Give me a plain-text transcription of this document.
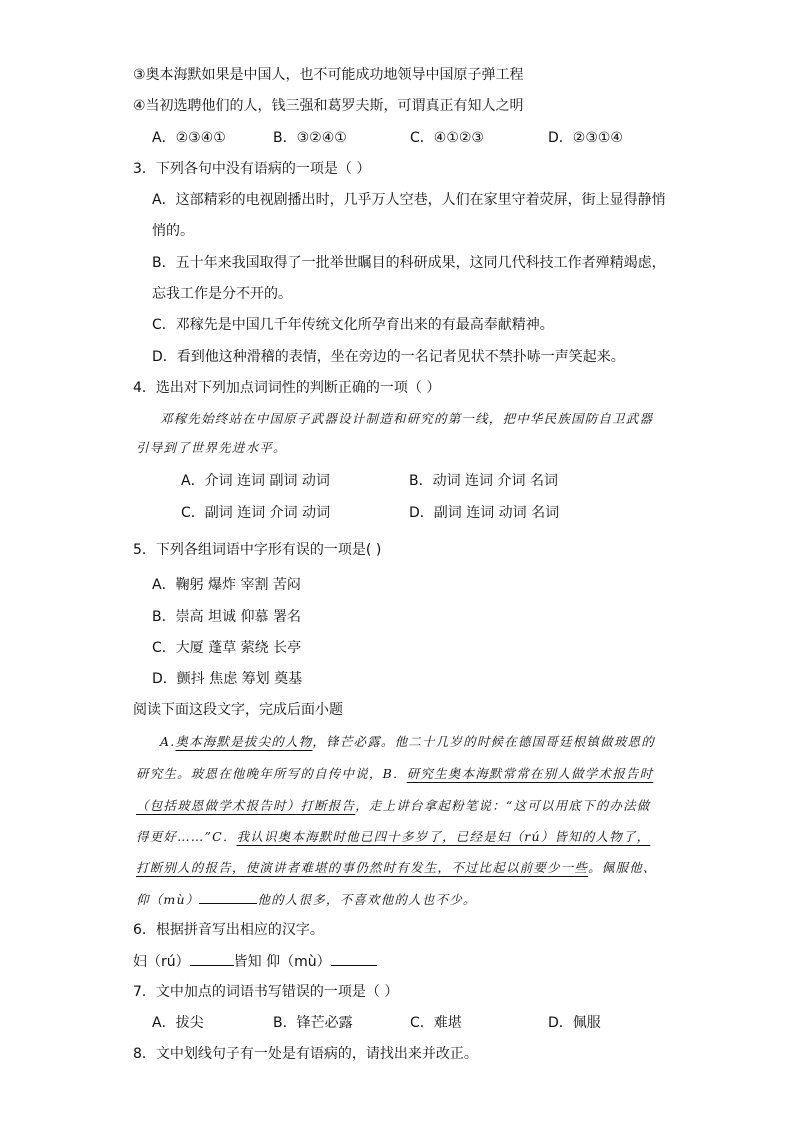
③奥本海默如果是中国人，也不可能成功地领导中国原子弹工程
④当初选聘他们的人，钱三强和葛罗夫斯，可谓真正有知人之明
A．②③④①	B．③②④①	C．④①②③	D．②③①④
3．下列各句中没有语病的一项是（ ）
A．这部精彩的电视剧播出时，几乎万人空巷，人们在家里守着荧屏，街上显得静悄
悄的。
B．五十年来我国取得了一批举世瞩目的科研成果，这同几代科技工作者殚精竭虑，
忘我工作是分不开的。
C．邓稼先是中国几千年传统文化所孕育出来的有最高奉献精神。
D．看到他这种滑稽的表情，坐在旁边的一名记者见状不禁扑哧一声笑起来。
4．选出对下列加点词词性的判断正确的一项（ ）
邓稼先始终站在中国原子武器设计制造和研究的第一线，把中华民族国防自卫武器
引导到了世界先进水平。
A．介词 连词 副词 动词	B．动词 连词 介词 名词
C．副词 连词 介词 动词	D．副词 连词 动词 名词
5．下列各组词语中字形有误的一项是( )
A．鞠躬 爆炸 宰割 苦闷
B．崇高 坦诚 仰慕 署名
C．大厦 蓬草 萦绕 长亭
D．颤抖 焦虑 筹划 奠基
阅读下面这段文字，完成后面小题
A.奥本海默是拔尖的人物，锋芒必露。他二十几岁的时候在德国哥廷根镇做玻恩的
研究生。玻恩在他晚年所写的自传中说，B．研究生奥本海默常常在别人做学术报告时
（包括玻恩做学术报告时）打断报告，走上讲台拿起粉笔说：“这可以用底下的办法做
得更好……”C．我认识奥本海默时他已四十多岁了，已经是妇（rú）皆知的人物了，
打断别人的报告，使演讲者难堪的事仍然时有发生，不过比起以前要少一些。佩服他、
仰（mù）	他的人很多，不喜欢他的人也不少。
6．根据拼音写出相应的汉字。
妇（rú）	皆知 仰（mù）
7．文中加点的词语书写错误的一项是（ ）
A．拔尖	B．锋芒必露	C．难堪	D．佩服
8．文中划线句子有一处是有语病的，请找出来并改正。
